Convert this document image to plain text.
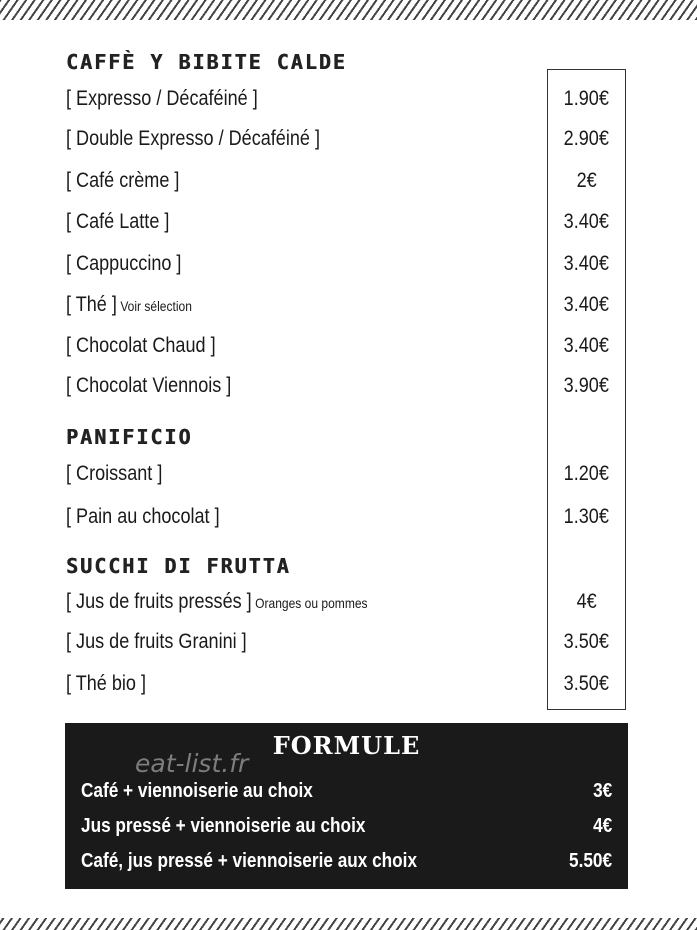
CAFFÈ Y BIBITE CALDE
[ Expresso / Décaféiné ]	1.90€
[ Double Expresso / Décaféiné ]	2.90€
[ Café crème ]	2€
[ Café Latte ]	3.40€
[ Cappuccino ]	3.40€
[ Thé ] Voir sélection	3.40€
[ Chocolat Chaud ]	3.40€
[ Chocolat Viennois ]	3.90€
PANIFICIO
[ Croissant ]	1.20€
[ Pain au chocolat ]	1.30€
SUCCHI DI FRUTTA
[ Jus de fruits pressés ] Oranges ou pommes	4€
[ Jus de fruits Granini ]	3.50€
[ Thé bio ]	3.50€
FORMULE
eat-list.fr
Café + viennoiserie au choix	3€
Jus pressé + viennoiserie au choix	4€
Café, jus pressé + viennoiserie aux choix	5.50€
